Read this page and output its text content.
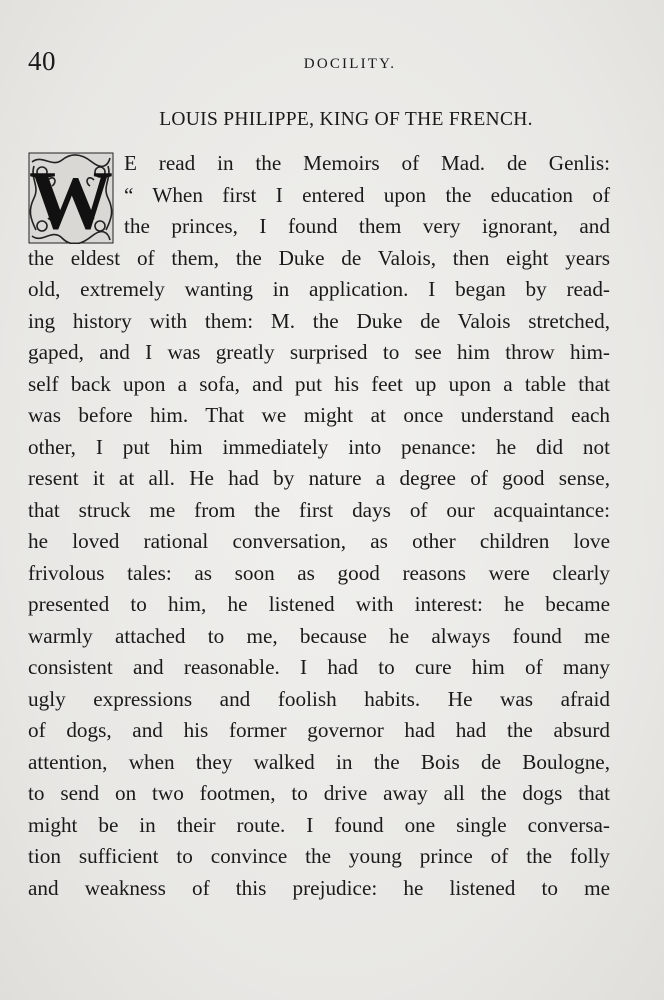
40	DOCILITY.
LOUIS PHILIPPE, KING OF THE FRENCH.
W E read in the Memoirs of Mad. de Genlis:
“ When first I entered upon the education of
the princes, I found them very ignorant, and
the eldest of them, the Duke de Valois, then eight years
old, extremely wanting in application. I began by read-
ing history with them: M. the Duke de Valois stretched,
gaped, and I was greatly surprised to see him throw him-
self back upon a sofa, and put his feet up upon a table that
was before him. That we might at once understand each
other, I put him immediately into penance: he did not
resent it at all. He had by nature a degree of good sense,
that struck me from the first days of our acquaintance:
he loved rational conversation, as other children love
frivolous tales: as soon as good reasons were clearly
presented to him, he listened with interest: he became
warmly attached to me, because he always found me
consistent and reasonable. I had to cure him of many
ugly expressions and foolish habits. He was afraid
of dogs, and his former governor had had the absurd
attention, when they walked in the Bois de Boulogne,
to send on two footmen, to drive away all the dogs that
might be in their route. I found one single conversa-
tion sufficient to convince the young prince of the folly
and weakness of this prejudice: he listened to me
